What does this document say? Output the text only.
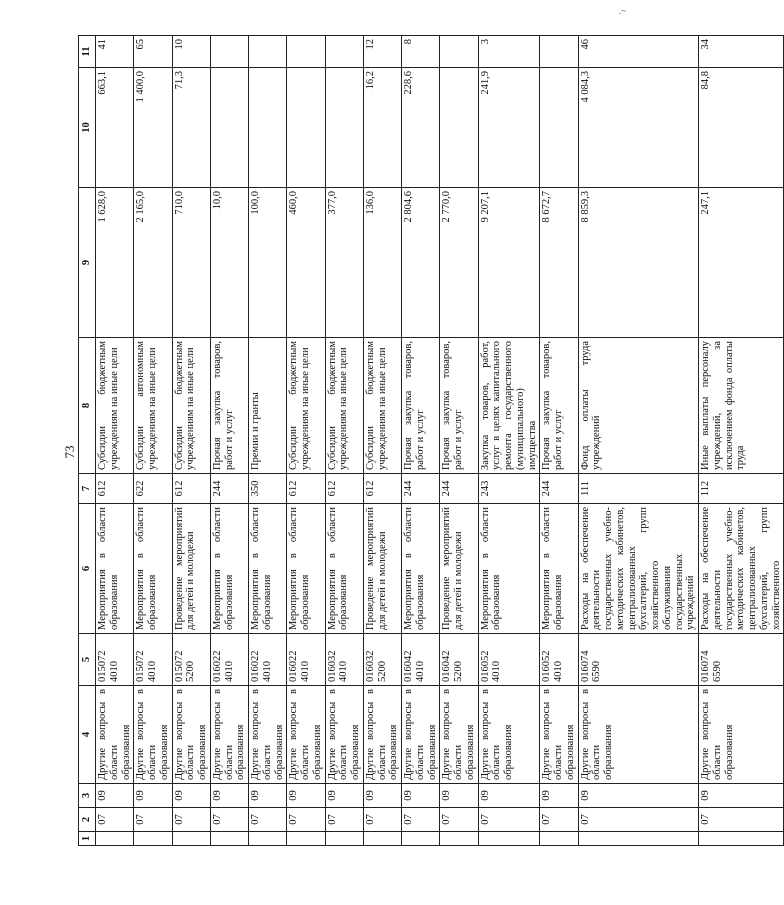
73
.~
1	2	3	4	5	6	7	8	9	10	11
	07	09	Другие вопросы в области образования	015072 4010	Мероприятия в области образования	612	Субсидии бюджетным учреждениям на иные цели	1 628,0	663,1	41
	07	09	Другие вопросы в области образования	015072 4010	Мероприятия в области образования	622	Субсидии автономным учреждениям на иные цели	2 165,0	1 400,0	65
	07	09	Другие вопросы в области образования	015072 5200	Проведение мероприятий для детей и молодежи	612	Субсидии бюджетным учреждениям на иные цели	710,0	71,3	10
	07	09	Другие вопросы в области образования	016022 4010	Мероприятия в области образования	244	Прочая закупка товаров, работ и услуг	10,0		
	07	09	Другие вопросы в области образования	016022 4010	Мероприятия в области образования	350	Премии и гранты	100,0		
	07	09	Другие вопросы в области образования	016022 4010	Мероприятия в области образования	612	Субсидии бюджетным учреждениям на иные цели	460,0		
	07	09	Другие вопросы в области образования	016032 4010	Мероприятия в области образования	612	Субсидии бюджетным учреждениям на иные цели	377,0		
	07	09	Другие вопросы в области образования	016032 5200	Проведение мероприятий для детей и молодежи	612	Субсидии бюджетным учреждениям на иные цели	136,0	16,2	12
	07	09	Другие вопросы в области образования	016042 4010	Мероприятия в области образования	244	Прочая закупка товаров, работ и услуг	2 804,6	228,6	8
	07	09	Другие вопросы в области образования	016042 5200	Проведение мероприятий для детей и молодежи	244	Прочая закупка товаров, работ и услуг	2 770,0		
	07	09	Другие вопросы в области образования	016052 4010	Мероприятия в области образования	243	Закупка товаров, работ, услуг в целях капитального ремонта государственного (муниципального) имущества	9 207,1	241,9	3
	07	09	Другие вопросы в области образования	016052 4010	Мероприятия в области образования	244	Прочая закупка товаров, работ и услуг	8 672,7		
	07	09	Другие вопросы в области образования	016074 6590	Расходы на обеспечение деятельности государственных учебно-методических кабинетов, централизованных бухгалтерий, групп хозяйственного обслуживания государственных учреждений	111	Фонд оплаты труда учреждений	8 859,3	4 084,3	46
	07	09	Другие вопросы в области образования	016074 6590	Расходы на обеспечение деятельности государственных учебно-методических кабинетов, централизованных бухгалтерий, групп хозяйственного	112	Иные выплаты персоналу учреждений, за исключением фонда оплаты труда	247,1	84,8	34
